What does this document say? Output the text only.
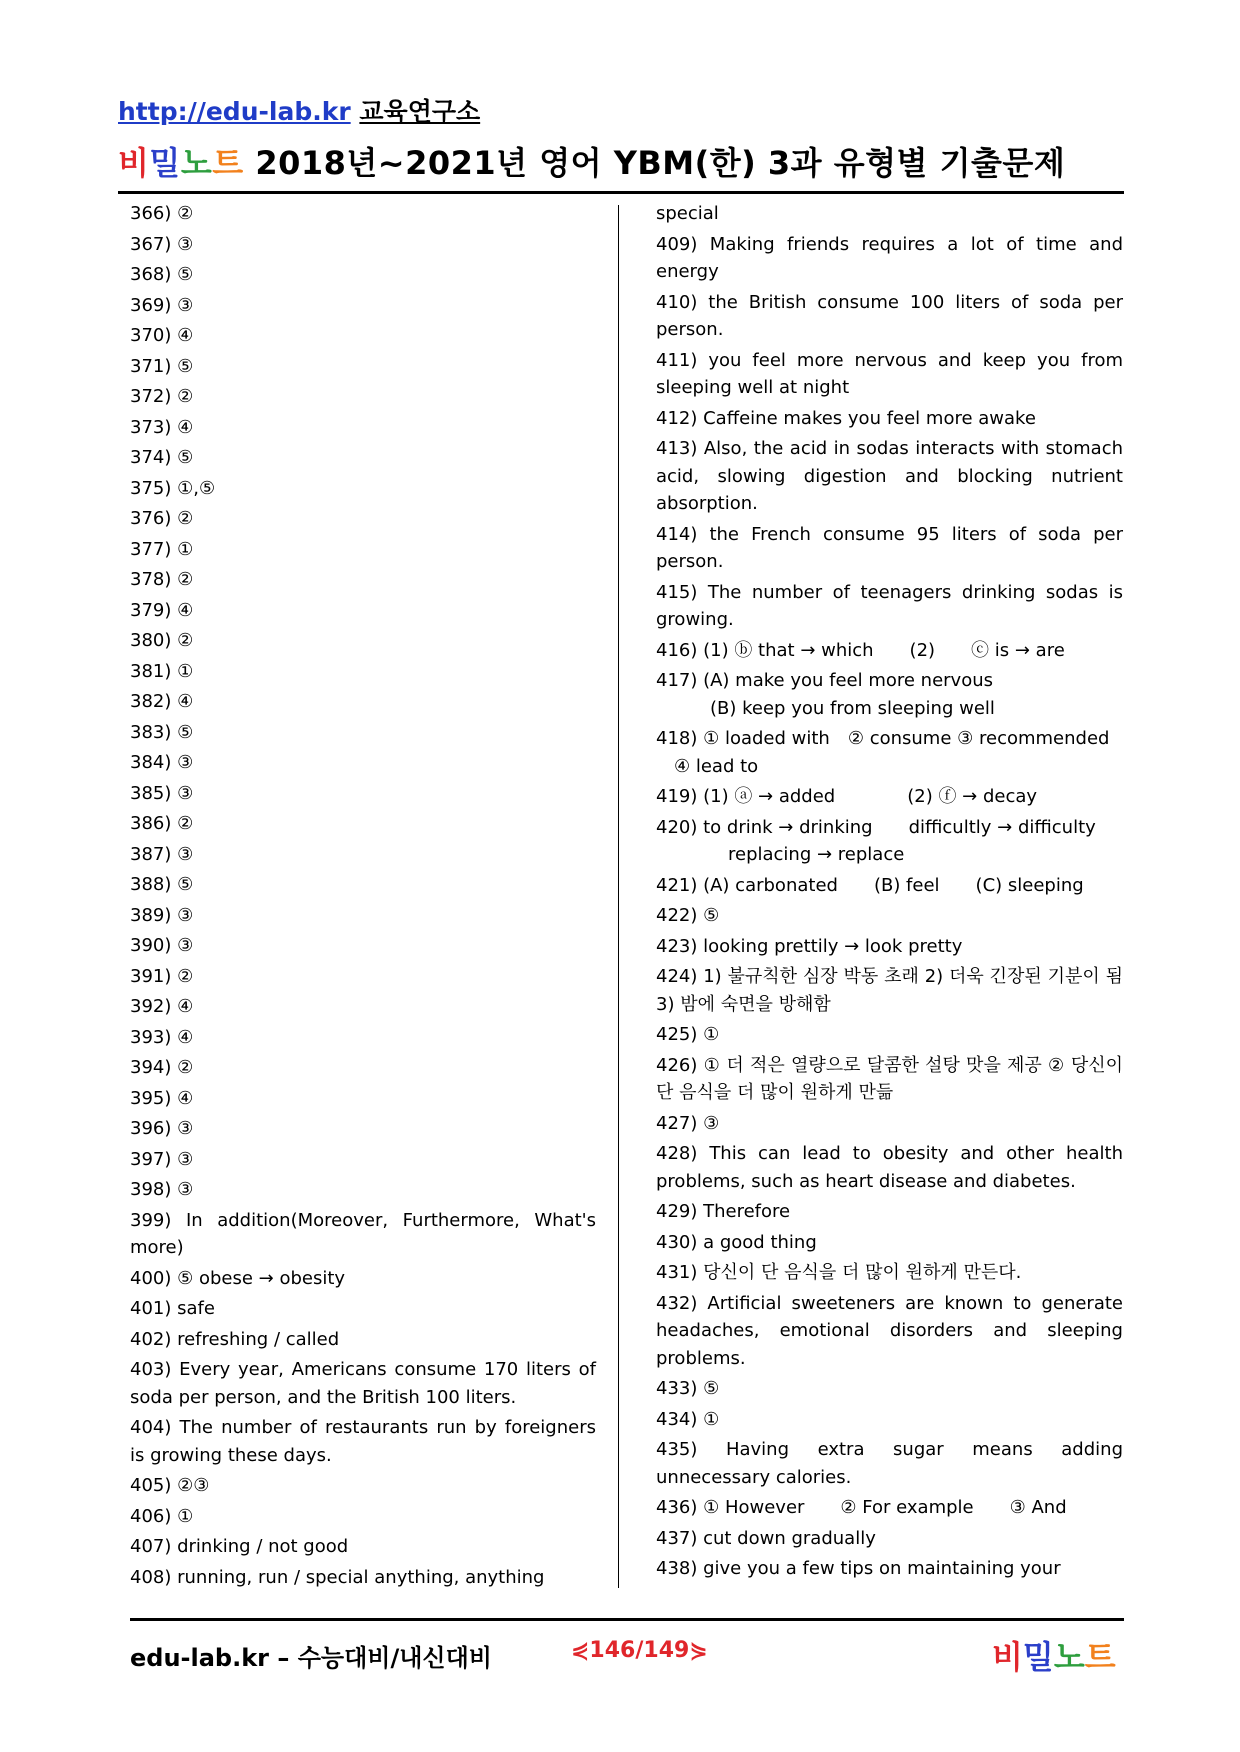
http://edu-lab.kr 교육연구소
비밀노트 2018년~2021년 영어 YBM(한) 3과 유형별 기출문제
366) ②
367) ③
368) ⑤
369) ③
370) ④
371) ⑤
372) ②
373) ④
374) ⑤
375) ①,⑤
376) ②
377) ①
378) ②
379) ④
380) ②
381) ①
382) ④
383) ⑤
384) ③
385) ③
386) ②
387) ③
388) ⑤
389) ③
390) ③
391) ②
392) ④
393) ④
394) ②
395) ④
396) ③
397) ③
398) ③
399) In addition(Moreover, Furthermore, What's more)
400) ⑤ obese → obesity
401) safe
402) refreshing / called
403) Every year, Americans consume 170 liters of soda per person, and the British 100 liters.
404) The number of restaurants run by foreigners is growing these days.
405) ②③
406) ①
407) drinking / not good
408) running, run / special anything, anything
special
409) Making friends requires a lot of time and energy
410) the British consume 100 liters of soda per person.
411) you feel more nervous and keep you from sleeping well at night
412) Caffeine makes you feel more awake
413) Also, the acid in sodas interacts with stomach acid, slowing digestion and blocking nutrient absorption.
414) the French consume 95 liters of soda per person.
415) The number of teenagers drinking sodas is growing.
416) (1) ⓑ that → which  (2)  ⓒ is → are
417) (A) make you feel more nervous
   (B) keep you from sleeping well
418) ① loaded with ② consume ③ recommended
 ④ lead to
419) (1) ⓐ → added    (2) ⓕ → decay
420) to drink → drinking  difficultly → difficulty
    replacing → replace
421) (A) carbonated  (B) feel  (C) sleeping
422) ⑤
423) looking prettily → look pretty
424) 1) 불규칙한 심장 박동 초래 2) 더욱 긴장된 기분이 됨 3) 밤에 숙면을 방해함
425) ①
426) ① 더 적은 열량으로 달콤한 설탕 맛을 제공 ② 당신이 단 음식을 더 많이 원하게 만듦
427) ③
428) This can lead to obesity and other health problems, such as heart disease and diabetes.
429) Therefore
430) a good thing
431) 당신이 단 음식을 더 많이 원하게 만든다.
432) Artificial sweeteners are known to generate headaches, emotional disorders and sleeping problems.
433) ⑤
434) ①
435) Having extra sugar means adding unnecessary calories.
436) ① However  ② For example  ③ And
437) cut down gradually
438) give you a few tips on maintaining your
edu-lab.kr – 수능대비/내신대비	⋞146/149⋟	비밀노트
